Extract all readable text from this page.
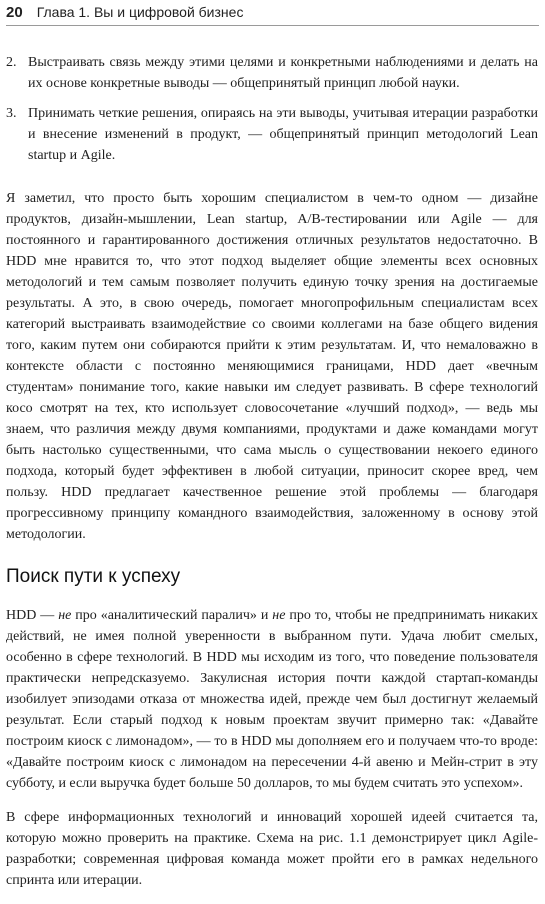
20 Глава 1. Вы и цифровой бизнес
2. Выстраивать связь между этими целями и конкретными наблюдениями и делать на их основе конкретные выводы — общепринятый принцип любой науки.
3. Принимать четкие решения, опираясь на эти выводы, учитывая итерации разработки и внесение изменений в продукт, — общепринятый принцип методологий Lean startup и Agile.

Я заметил, что просто быть хорошим специалистом в чем-то одном — дизайне продуктов, дизайн-мышлении, Lean startup, A/B-тестировании или Agile — для постоянного и гарантированного достижения отличных результатов недостаточно. В HDD мне нравится то, что этот подход выделяет общие элементы всех основных методологий и тем самым позволяет получить единую точку зрения на достигаемые результаты. А это, в свою очередь, помогает многопрофильным специалистам всех категорий выстраивать взаимодействие со своими коллегами на базе общего видения того, каким путем они собираются прийти к этим результатам. И, что немаловажно в контексте области с постоянно меняющимися границами, HDD дает «вечным студентам» понимание того, какие навыки им следует развивать. В сфере технологий косо смотрят на тех, кто использует словосочетание «лучший подход», — ведь мы знаем, что различия между двумя компаниями, продуктами и даже командами могут быть настолько существенными, что сама мысль о существовании некоего единого подхода, который будет эффективен в любой ситуации, приносит скорее вред, чем пользу. HDD предлагает качественное решение этой проблемы — благодаря прогрессивному принципу командного взаимодействия, заложенному в основу этой методологии.

Поиск пути к успеху

HDD — не про «аналитический паралич» и не про то, чтобы не предпринимать никаких действий, не имея полной уверенности в выбранном пути. Удача любит смелых, особенно в сфере технологий. В HDD мы исходим из того, что поведение пользователя практически непредсказуемо. Закулисная история почти каждой стартап-команды изобилует эпизодами отказа от множества идей, прежде чем был достигнут желаемый результат. Если старый подход к новым проектам звучит примерно так: «Давайте построим киоск с лимонадом», — то в HDD мы дополняем его и получаем что-то вроде: «Давайте построим киоск с лимонадом на пересечении 4-й авеню и Мейн-стрит в эту субботу, и если выручка будет больше 50 долларов, то мы будем считать это успехом».

В сфере информационных технологий и инноваций хорошей идеей считается та, которую можно проверить на практике. Схема на рис. 1.1 демонстрирует цикл Agile-разработки; современная цифровая команда может пройти его в рамках недельного спринта или итерации.
